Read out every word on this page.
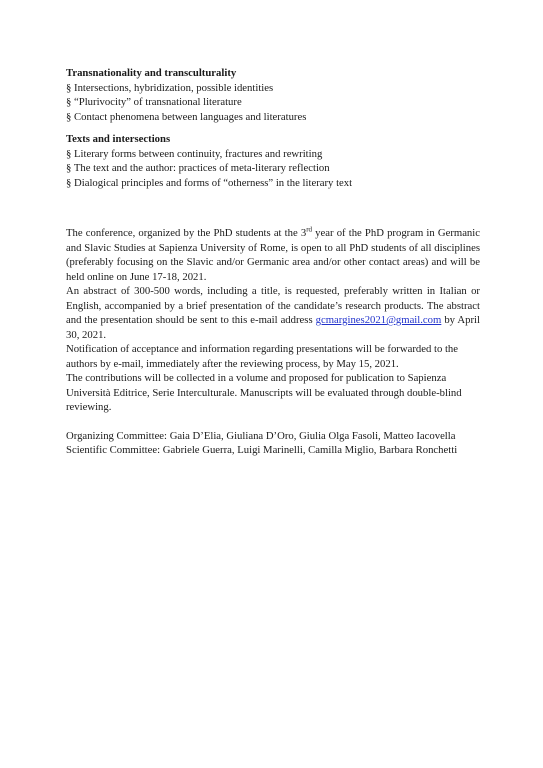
Transnationality and transculturality

§ Intersections, hybridization, possible identities
§ “Plurivocity” of transnational literature
§ Contact phenomena between languages and literatures

Texts and intersections

§ Literary forms between continuity, fractures and rewriting
§ The text and the author: practices of meta-literary reflection
§ Dialogical principles and forms of “otherness” in the literary text

The conference, organized by the PhD students at the 3rd year of the PhD program in Germanic and Slavic Studies at Sapienza University of Rome, is open to all PhD students of all disciplines (preferably focusing on the Slavic and/or Germanic area and/or other contact areas) and will be held online on June 17-18, 2021.

An abstract of 300-500 words, including a title, is requested, preferably written in Italian or English, accompanied by a brief presentation of the candidate’s research products. The abstract and the presentation should be sent to this e-mail address gcmargines2021@gmail.com by April 30, 2021.

Notification of acceptance and information regarding presentations will be forwarded to the authors by e-mail, immediately after the reviewing process, by May 15, 2021.

The contributions will be collected in a volume and proposed for publication to Sapienza Università Editrice, Serie Interculturale. Manuscripts will be evaluated through double-blind reviewing.

Organizing Committee: Gaia D’Elia, Giuliana D’Oro, Giulia Olga Fasoli, Matteo Iacovella

Scientific Committee: Gabriele Guerra, Luigi Marinelli, Camilla Miglio, Barbara Ronchetti
